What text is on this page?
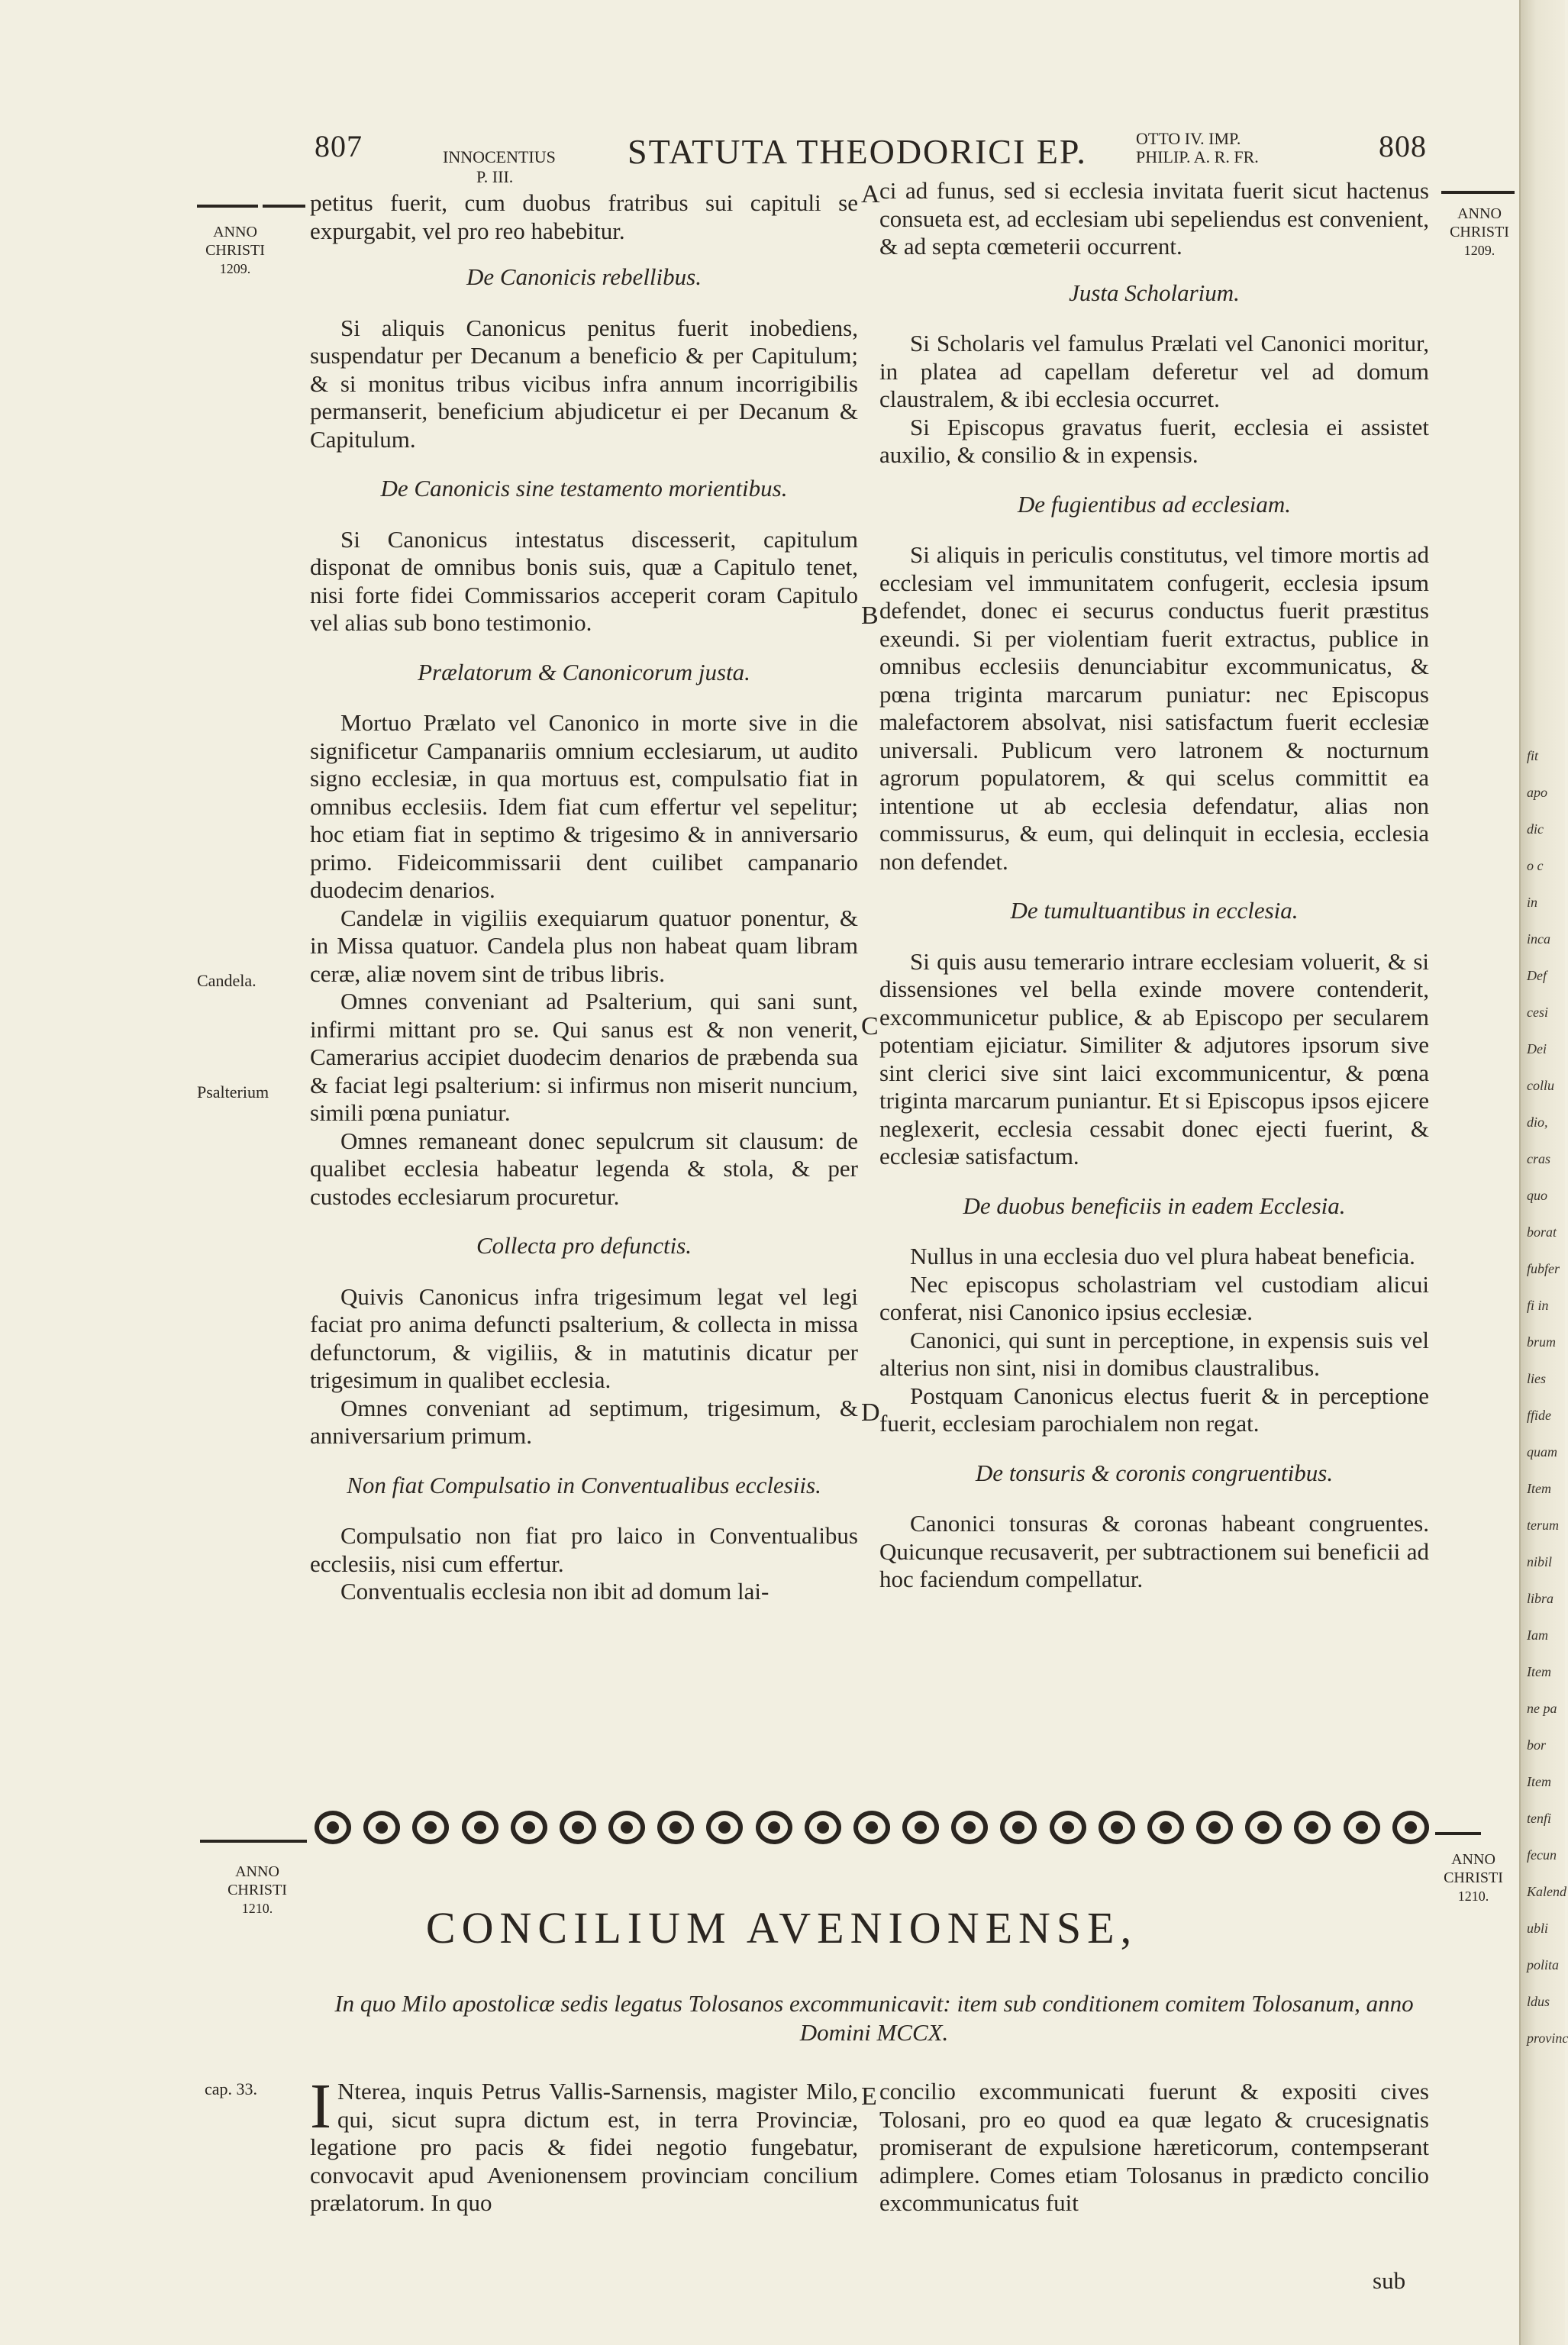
fit
apo
dic
o c
in
inca
Def
cesi
Dei
collu
dio,
cras
quo
borat
fubfer
fi in
brum
lies
ffide
quam
Item
terum
nibil
libra
Iam
Item
ne pa
bor
Item
tenfi
fecun
Kalend
ubli
polita
ldus
provinc
807	INNOCENTIUS
P. III.
STATUTA THEODORICI EP.	OTTO IV. IMP.
PHILIP. A. R. FR.	808
ANNO
CHRISTI
1209.
ANNO
CHRISTI
1209.
A
B
C
D
E
Candela.
Psalterium
cap. 33.

petitus fuerit, cum duobus fratribus sui capituli se expurgabit, vel pro reo habebitur.

De Canonicis rebellibus.

Si aliquis Canonicus penitus fuerit inobediens, suspendatur per Decanum a beneficio & per Capitulum; & si monitus tribus vicibus infra annum incorrigibilis permanserit, beneficium abjudicetur ei per Decanum & Capitulum.

De Canonicis sine testamento morientibus.

Si Canonicus intestatus discesserit, capitulum disponat de omnibus bonis suis, quæ a Capitulo tenet, nisi forte fidei Commissarios acceperit coram Capitulo vel alias sub bono testimonio.

Prælatorum & Canonicorum justa.

Mortuo Prælato vel Canonico in morte sive in die significetur Campanariis omnium ecclesiarum, ut audito signo ecclesiæ, in qua mortuus est, compulsatio fiat in omnibus ecclesiis. Idem fiat cum effertur vel sepelitur; hoc etiam fiat in septimo & trigesimo & in anniversario primo. Fideicommissarii dent cuilibet campanario duodecim denarios.

Candelæ in vigiliis exequiarum quatuor ponentur, & in Missa quatuor. Candela plus non habeat quam libram ceræ, aliæ novem sint de tribus libris.

Omnes conveniant ad Psalterium, qui sani sunt, infirmi mittant pro se. Qui sanus est & non venerit, Camerarius accipiet duodecim denarios de præbenda sua & faciat legi psalterium: si infirmus non miserit nuncium, simili pœna puniatur.

Omnes remaneant donec sepulcrum sit clausum: de qualibet ecclesia habeatur legenda & stola, & per custodes ecclesiarum procuretur.

Collecta pro defunctis.

Quivis Canonicus infra trigesimum legat vel legi faciat pro anima defuncti psalterium, & collecta in missa defunctorum, & vigiliis, & in matutinis dicatur per trigesimum in qualibet ecclesia.

Omnes conveniant ad septimum, trigesimum, & anniversarium primum.

Non fiat Compulsatio in Conventualibus ecclesiis.

Compulsatio non fiat pro laico in Conventualibus ecclesiis, nisi cum effertur.

Conventualis ecclesia non ibit ad domum lai-

ci ad funus, sed si ecclesia invitata fuerit sicut hactenus consueta est, ad ecclesiam ubi sepeliendus est convenient, & ad septa cœmeterii occurrent.

Justa Scholarium.

Si Scholaris vel famulus Prælati vel Canonici moritur, in platea ad capellam deferetur vel ad domum claustralem, & ibi ecclesia occurret.

Si Episcopus gravatus fuerit, ecclesia ei assistet auxilio, & consilio & in expensis.

De fugientibus ad ecclesiam.

Si aliquis in periculis constitutus, vel timore mortis ad ecclesiam vel immunitatem confugerit, ecclesia ipsum defendet, donec ei securus conductus fuerit præstitus exeundi. Si per violentiam fuerit extractus, publice in omnibus ecclesiis denunciabitur excommunicatus, & pœna triginta marcarum puniatur: nec Episcopus malefactorem absolvat, nisi satisfactum fuerit ecclesiæ universali. Publicum vero latronem & nocturnum agrorum populatorem, & qui scelus committit ea intentione ut ab ecclesia defendatur, alias non commissurus, & eum, qui delinquit in ecclesia, ecclesia non defendet.

De tumultuantibus in ecclesia.

Si quis ausu temerario intrare ecclesiam voluerit, & si dissensiones vel bella exinde movere contenderit, excommunicetur publice, & ab Episcopo per secularem potentiam ejiciatur. Similiter & adjutores ipsorum sive sint clerici sive sint laici excommunicentur, & pœna triginta marcarum puniantur. Et si Episcopus ipsos ejicere neglexerit, ecclesia cessabit donec ejecti fuerint, & ecclesiæ satisfactum.

De duobus beneficiis in eadem Ecclesia.

Nullus in una ecclesia duo vel plura habeat beneficia.

Nec episcopus scholastriam vel custodiam alicui conferat, nisi Canonico ipsius ecclesiæ.

Canonici, qui sunt in perceptione, in expensis suis vel alterius non sint, nisi in domibus claustralibus.

Postquam Canonicus electus fuerit & in perceptione fuerit, ecclesiam parochialem non regat.

De tonsuris & coronis congruentibus.

Canonici tonsuras & coronas habeant congruentes. Quicunque recusaverit, per subtractionem sui beneficii ad hoc faciendum compellatur.

ANNO
CHRISTI
1210.
ANNO
CHRISTI
1210.
CONCILIUM AVENIONENSE,
In quo Milo apostolicæ sedis legatus Tolosanos excommunicavit: item sub conditionem comitem Tolosanum, anno Domini MCCX.
I Nterea, inquis Petrus Vallis-Sarnensis, magister Milo, qui, sicut supra dictum est, in terra Provinciæ, legatione pro pacis & fidei negotio fungebatur, convocavit apud Avenionensem provinciam concilium prælatorum. In quo

concilio excommunicati fuerunt & expositi cives Tolosani, pro eo quod ea quæ legato & crucesignatis promiserant de expulsione hæreticorum, contempserant adimplere. Comes etiam Tolosanus in prædicto concilio excommunicatus fuit

sub
